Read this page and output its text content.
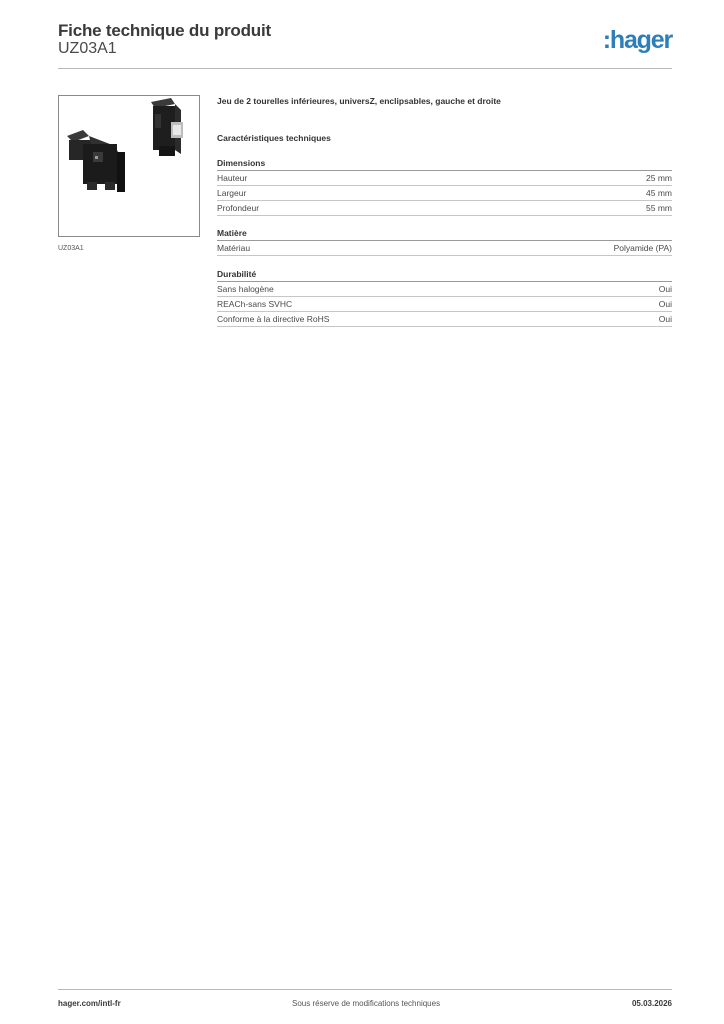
Fiche technique du produit
UZ03A1	:hager
UZ03A1
Jeu de 2 tourelles inférieures, universZ, enclipsables, gauche et droite
Caractéristiques techniques
Dimensions
Hauteur	25 mm
Largeur	45 mm
Profondeur	55 mm
Matière
Matériau	Polyamide (PA)
Durabilité
Sans halogène	Oui
REACh-sans SVHC	Oui
Conforme à la directive RoHS	Oui
hager.com/intl-fr	Sous réserve de modifications techniques	05.03.2026
